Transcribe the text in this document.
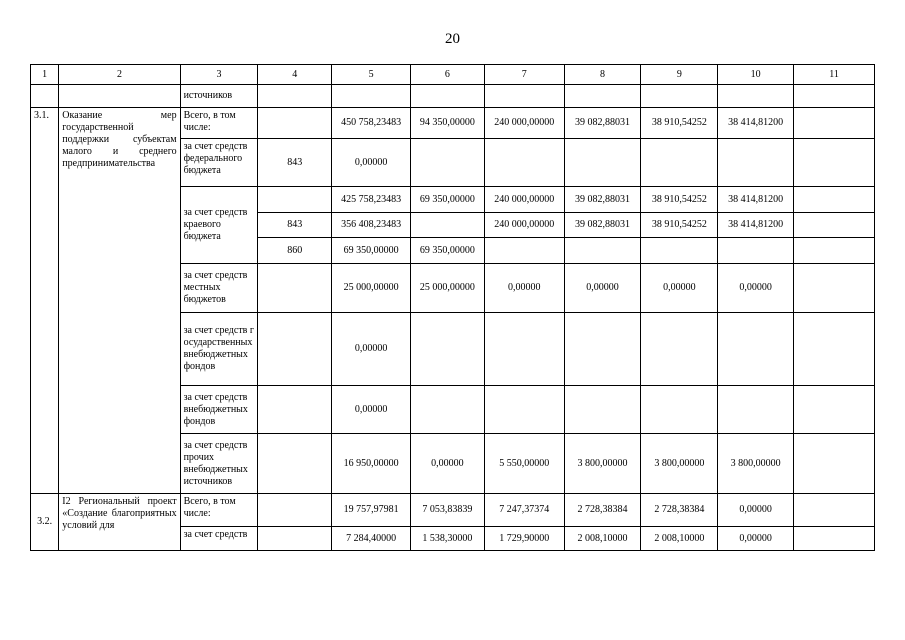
20
1	2	3	4	5	6	7	8	9	10	11
		источников								
3.1.	Оказание мер государственной поддержки субъектам малого и среднего предпринимательства	Всего, в том числе:		450 758,23483	94 350,00000	240 000,00000	39 082,88031	38 910,54252	38 414,81200	
		за счет средств федерального бюджета	843	0,00000						
		за счет средств краевого бюджета		425 758,23483	69 350,00000	240 000,00000	39 082,88031	38 910,54252	38 414,81200	
			843	356 408,23483		240 000,00000	39 082,88031	38 910,54252	38 414,81200	
			860	69 350,00000	69 350,00000					
		за счет средств местных бюджетов		25 000,00000	25 000,00000	0,00000	0,00000	0,00000	0,00000	
		за счет средств государственных внебюджетных фондов		0,00000						
		за счет средств внебюджетных фондов		0,00000						
		за счет средств прочих внебюджетных источников		16 950,00000	0,00000	5 550,00000	3 800,00000	3 800,00000	3 800,00000	

3.2.	I2 Региональный проект «Создание благоприятных условий для	Всего, в том числе:		19 757,97981	7 053,83839	7 247,37374	2 728,38384	2 728,38384	0,00000	
		за счет средств		7 284,40000	1 538,30000	1 729,90000	2 008,10000	2 008,10000	0,00000	
